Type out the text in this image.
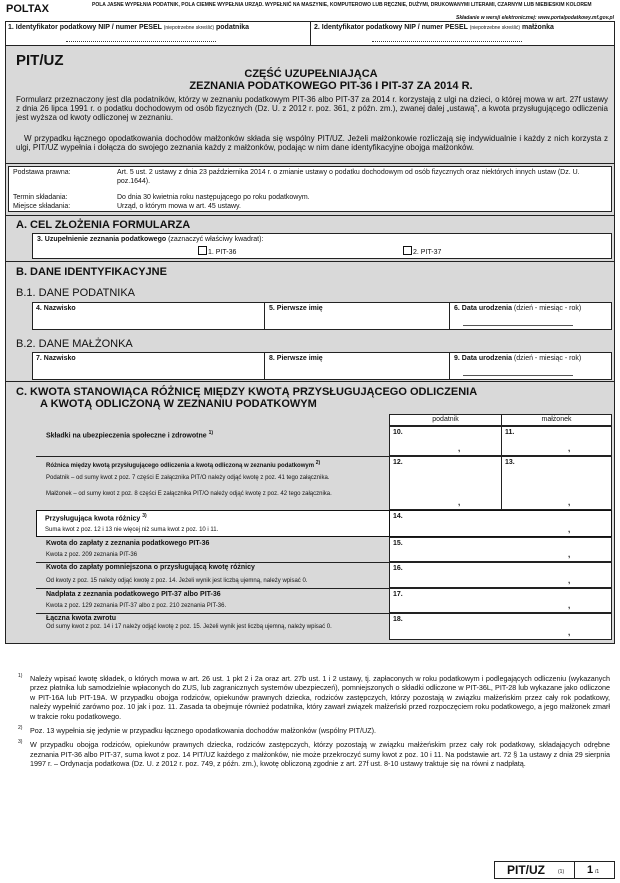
POLTAX	POLA JASNE WYPEŁNIA PODATNIK, POLA CIEMNE WYPEŁNIA URZĄD. WYPEŁNIĆ NA MASZYNIE, KOMPUTEROWO LUB RĘCZNIE, DUŻYMI, DRUKOWANYMI LITERAMI, CZARNYM LUB NIEBIESKIM KOLOREM
Składanie w wersji elektronicznej: www.portalpodatkowy.mf.gov.pl
1. Identyfikator podatkowy NIP / numer PESEL (niepotrzebne skreślić) podatnika	2. Identyfikator podatkowy NIP / numer PESEL (niepotrzebne skreślić) małżonka
PIT/UZ
CZĘŚĆ UZUPEŁNIAJĄCA
ZEZNANIA PODATKOWEGO PIT-36 I PIT-37 ZA 2014 R.
Formularz przeznaczony jest dla podatników, którzy w zeznaniu podatkowym PIT-36 albo PIT-37 za 2014 r. korzystają z ulgi na dzieci, o której mowa w art. 27f ustawy z dnia 26 lipca 1991 r. o podatku dochodowym od osób fizycznych (Dz. U. z 2012 r. poz. 361, z późn. zm.), zwanej dalej „ustawą”, a kwota przysługującego odliczenia jest wyższa od kwoty odliczonej w zeznaniu.
W przypadku łącznego opodatkowania dochodów małżonków składa się wspólny PIT/UZ. Jeżeli małżonkowie rozliczają się indywidualnie i każdy z nich korzysta z ulgi, PIT/UZ wypełnia i dołącza do swojego zeznania każdy z małżonków, podając w nim dane identyfikacyjne obojga małżonków.
Podstawa prawna:	Art. 5 ust. 2 ustawy z dnia 23 października 2014 r. o zmianie ustawy o podatku dochodowym od osób fizycznych oraz niektórych innych ustaw (Dz. U. poz.1644).
Termin składania:	Do dnia 30 kwietnia roku następującego po roku podatkowym.
Miejsce składania:	Urząd, o którym mowa w art. 45 ustawy.
A. CEL ZŁOŻENIA FORMULARZA
3. Uzupełnienie zeznania podatkowego (zaznaczyć właściwy kwadrat):
1. PIT-36	2. PIT-37
B. DANE IDENTYFIKACYJNE
B.1. DANE PODATNIKA
4. Nazwisko	5. Pierwsze imię	6. Data urodzenia (dzień - miesiąc - rok)
B.2. DANE MAŁŻONKA
7. Nazwisko	8. Pierwsze imię	9. Data urodzenia (dzień - miesiąc - rok)
C. KWOTA STANOWIĄCA RÓŻNICĘ MIĘDZY KWOTĄ PRZYSŁUGUJĄCEGO ODLICZENIA
A KWOTĄ ODLICZONĄ W ZEZNANIU PODATKOWYM
podatnik	małżonek
Składki na ubezpieczenia społeczne i zdrowotne $^{1)}$	10.
,
11.
,
Różnica między kwotą przysługującego odliczenia a kwotą odliczoną w zeznaniu podatkowym $^{2)}$
Podatnik – od sumy kwot z poz. 7 części E załącznika PIT/O należy odjąć kwotę z poz. 41 tego załącznika.
Małżonek – od sumy kwot z poz. 8 części E załącznika PIT/O należy odjąć kwotę z poz. 42 tego załącznika.
12.
,
13.
,
Przysługująca kwota różnicy $^{3)}$
Suma kwot z poz. 12 i 13 nie więcej niż suma kwot z poz. 10 i 11.
14.
,
Kwota do zapłaty z zeznania podatkowego PIT-36
Kwota z poz. 209 zeznania PIT-36
15.
,
Kwota do zapłaty pomniejszona o przysługującą kwotę różnicy
Od kwoty z poz. 15 należy odjąć kwotę z poz. 14. Jeżeli wynik jest liczbą ujemną, należy wpisać 0.
16.
,
Nadpłata z zeznania podatkowego PIT-37 albo PIT-36
Kwota z poz. 129 zeznania PIT-37 albo z poz. 210 zeznania PIT-36.
17.
,
Łączna kwota zwrotu
Od sumy kwot z poz. 14 i 17 należy odjąć kwotę z poz. 15. Jeżeli wynik jest liczbą ujemną, należy wpisać 0.
18.
,
1) Należy wpisać kwotę składek, o których mowa w art. 26 ust. 1 pkt 2 i 2a oraz art. 27b ust. 1 i 2 ustawy, tj. zapłaconych w roku podatkowym i podlegających odliczeniu (wykazanych przez płatnika lub samodzielnie wpłaconych do ZUS, lub zagranicznych systemów ubezpieczeń), pomniejszonych o składki odliczone w PIT-36L, PIT-28 lub wykazane jako odliczone w PIT-16A lub PIT-19A. W przypadku obojga rodziców, opiekunów prawnych dziecka, rodziców zastępczych, którzy pozostają w związku małżeńskim przez cały rok podatkowy, należy wypełnić zarówno poz. 10 jak i poz. 11. Zasada ta obejmuje również podatnika, który zawarł związek małżeński przed rozpoczęciem roku podatkowego, a jego małżonek zmarł w trakcie roku podatkowego.
2) Poz. 13 wypełnia się jedynie w przypadku łącznego opodatkowania dochodów małżonków (wspólny PIT/UZ).
3) W przypadku obojga rodziców, opiekunów prawnych dziecka, rodziców zastępczych, którzy pozostają w związku małżeńskim przez cały rok podatkowy, składających odrębne zeznania PIT-36 albo PIT-37, suma kwot z poz. 14 PIT/UZ każdego z małżonków, nie może przekroczyć sumy kwot z poz. 10 i 11. Na podstawie art. 72 § 1a ustawy z dnia 29 sierpnia 1997 r. – Ordynacja podatkowa (Dz. U. z 2012 r. poz. 749, z późn. zm.), kwotę obliczoną zgodnie z art. 27f ust. 8-10 ustawy traktuje się na równi z nadpłatą.
PIT/UZ	(1) 1 /1
